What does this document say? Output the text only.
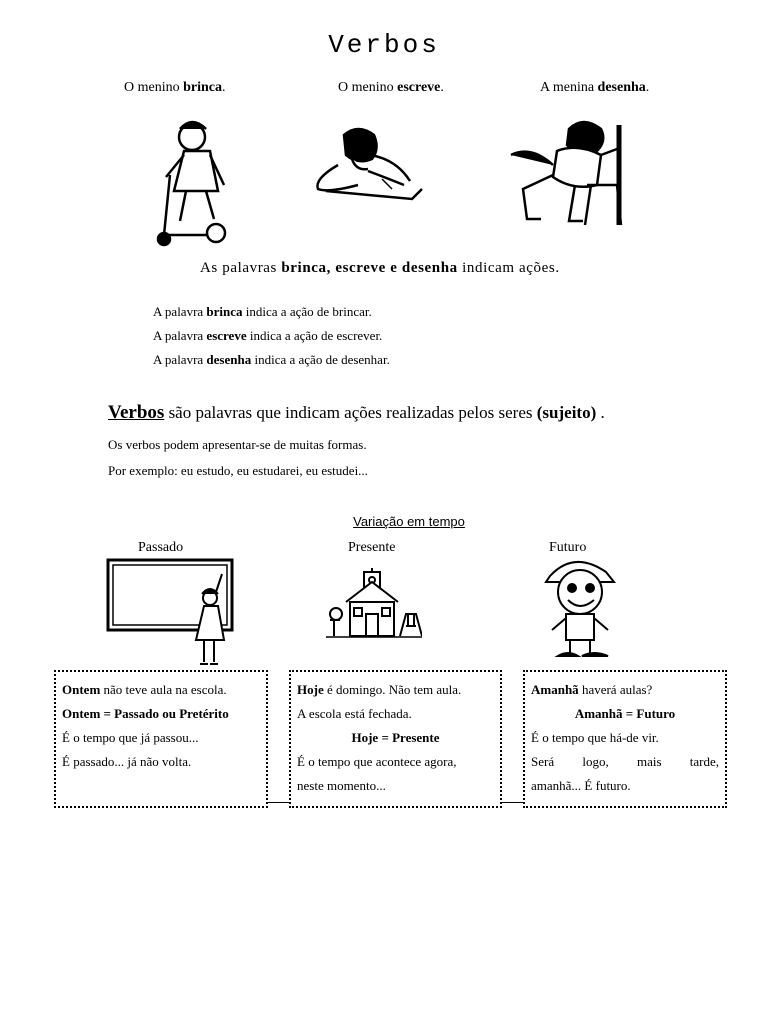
Verbos
O menino brinca.	O menino escreve.	A menina desenha.
As palavras brinca, escreve e desenha indicam ações.
A palavra brinca indica a ação de brincar.
A palavra escreve indica a ação de escrever.
A palavra desenha indica a ação de desenhar.
Verbos são palavras que indicam ações realizadas pelos seres (sujeito) .
Os verbos podem apresentar-se de muitas formas.
Por exemplo: eu estudo, eu estudarei, eu estudei...
Variação em tempo
Passado	Presente	Futuro

Ontem não teve aula na escola.

Ontem = Passado ou Pretérito

É o tempo que já passou...

É passado... já não volta.

Hoje é domingo. Não tem aula.

A escola está fechada.

Hoje = Presente

É o tempo que acontece agora,

neste momento...

Amanhã haverá aulas?

Amanhã = Futuro

É o tempo que há-de vir.

Será logo, mais tarde,

amanhã... É futuro.
